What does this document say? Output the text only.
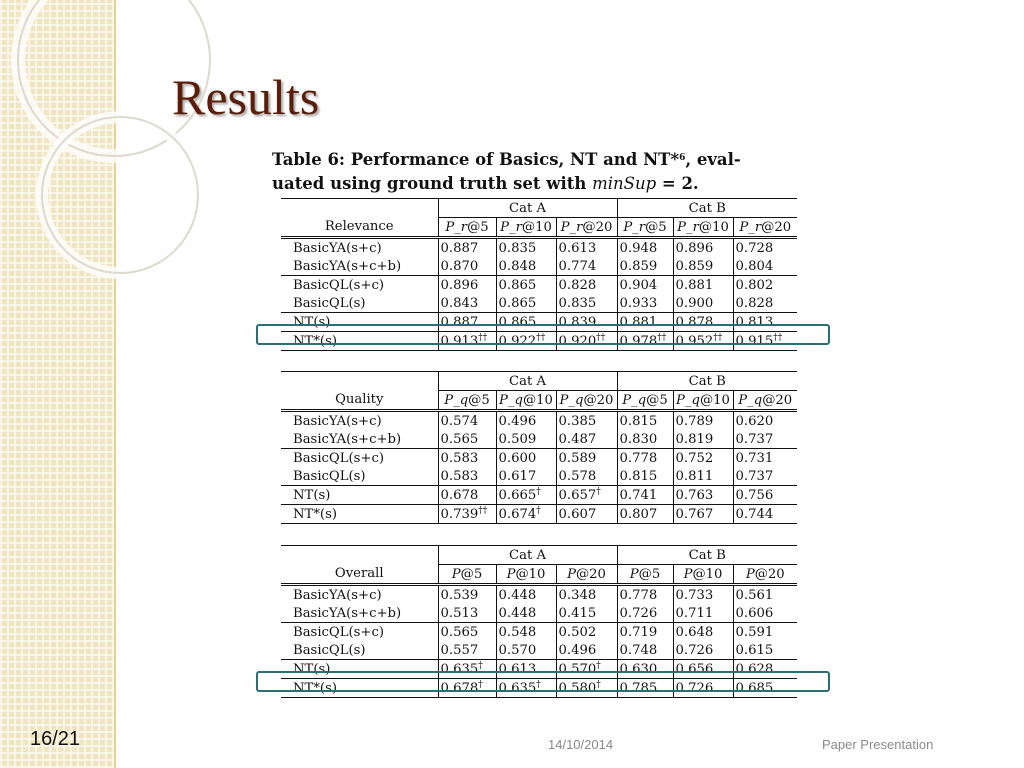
Results
Table 6: Performance of Basics, NT and NT*$^6$, eval-
uated using ground truth set with minSup = 2.
	Cat A			Cat B		
Relevance	P_r@5	P_r@10	P_r@20	P_r@5	P_r@10	P_r@20
BasicYA(s+c)	0.887	0.835	0.613	0.948	0.896	0.728
BasicYA(s+c+b)	0.870	0.848	0.774	0.859	0.859	0.804
BasicQL(s+c)	0.896	0.865	0.828	0.904	0.881	0.802
BasicQL(s)	0.843	0.865	0.835	0.933	0.900	0.828
NT(s)	0.887	0.865	0.839	0.881	0.878	0.813
NT*(s)	0.913††	0.922††	0.920††	0.978††	0.952††	0.915††
	Cat A			Cat B		
Quality	P_q@5	P_q@10	P_q@20	P_q@5	P_q@10	P_q@20
BasicYA(s+c)	0.574	0.496	0.385	0.815	0.789	0.620
BasicYA(s+c+b)	0.565	0.509	0.487	0.830	0.819	0.737
BasicQL(s+c)	0.583	0.600	0.589	0.778	0.752	0.731
BasicQL(s)	0.583	0.617	0.578	0.815	0.811	0.737
NT(s)	0.678	0.665†	0.657†	0.741	0.763	0.756
NT*(s)	0.739††	0.674†	0.607	0.807	0.767	0.744
	Cat A			Cat B		
Overall	P@5	P@10	P@20	P@5	P@10	P@20
BasicYA(s+c)	0.539	0.448	0.348	0.778	0.733	0.561
BasicYA(s+c+b)	0.513	0.448	0.415	0.726	0.711	0.606
BasicQL(s+c)	0.565	0.548	0.502	0.719	0.648	0.591
BasicQL(s)	0.557	0.570	0.496	0.748	0.726	0.615
NT(s)	0.635†	0.613	0.570†	0.630	0.656	0.628
NT*(s)	0.678†	0.635†	0.580†	0.785	0.726	0.685
16/21	14/10/2014	Paper Presentation
